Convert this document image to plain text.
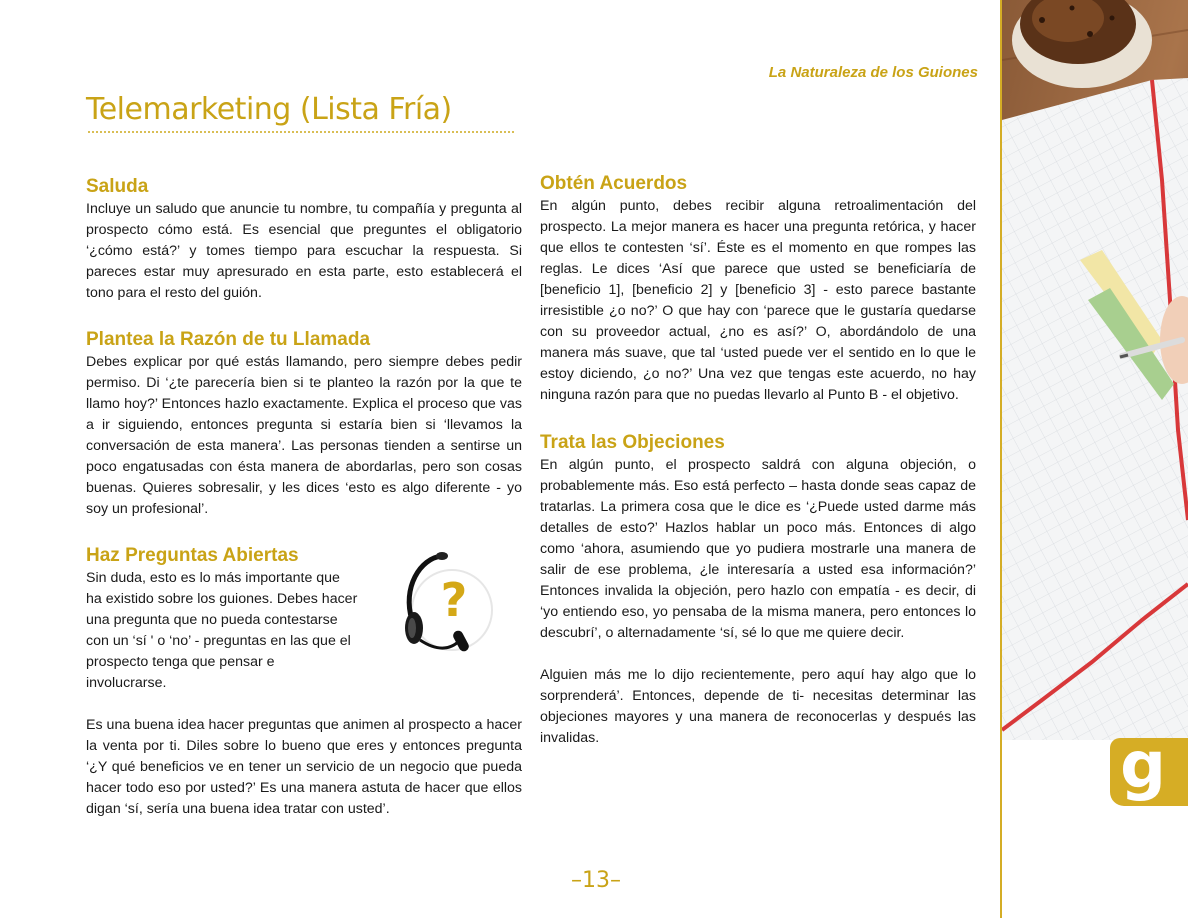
La Naturaleza de los Guiones
Telemarketing (Lista Fría)
Saluda

Incluye un saludo que anuncie tu nombre, tu compañía y pregunta al prospecto cómo está. Es esencial que preguntes el obligatorio ‘¿cómo está?’ y tomes tiempo para escuchar la respuesta. Si pareces estar muy apresurado en esta parte, esto establecerá el tono para el resto del guión.

Plantea la Razón de tu Llamada

Debes explicar por qué estás llamando, pero siempre debes pedir permiso. Di ‘¿te parecería bien si te planteo la razón por la que te llamo hoy?’ Entonces hazlo exactamente. Explica el proceso que vas a ir siguiendo, entonces pregunta si estaría bien si ‘llevamos la conversación de esta manera’. Las personas tienden a sentirse un poco engatusadas con ésta manera de abordarlas, pero son cosas buenas. Quieres sobresalir, y les dices ‘esto es algo diferente - yo soy un profesional’.

Haz Preguntas Abiertas

Sin duda, esto es lo más importante que ha existido sobre los guiones. Debes hacer una pregunta que no pueda contestarse con un ‘sí ' o ‘no’ - preguntas en las que el prospecto tenga que pensar e involucrarse.

Es una buena idea hacer preguntas que animen al prospecto a hacer la venta por ti. Diles sobre lo bueno que eres y entonces pregunta ‘¿Y qué beneficios ve en tener un servicio de un negocio que pueda hacer todo eso por usted?’ Es una manera astuta de hacer que ellos digan ‘sí, sería una buena idea tratar con usted’.

?
Obtén Acuerdos

En algún punto, debes recibir alguna retroalimentación del prospecto. La mejor manera es hacer una pregunta retórica, y hacer que ellos te contesten ‘sí’. Éste es el momento en que rompes las reglas. Le dices ‘Así que parece que usted se beneficiaría de [beneficio 1], [beneficio 2] y [beneficio 3] - esto parece bastante irresistible ¿o no?’ O que hay con ‘parece que le gustaría quedarse con su proveedor actual, ¿no es así?’ O, abordándolo de una manera más suave, que tal ‘usted puede ver el sentido en lo que le estoy diciendo, ¿o no?’ Una vez que tengas este acuerdo, no hay ninguna razón para que no puedas llevarlo al Punto B - el objetivo.

Trata las Objeciones

En algún punto, el prospecto saldrá con alguna objeción, o probablemente más. Eso está perfecto – hasta donde seas capaz de tratarlas. La primera cosa que le dice es ‘¿Puede usted darme más detalles de esto?’ Hazlos hablar un poco más. Entonces di algo como ‘ahora, asumiendo que yo pudiera mostrarle una manera de salir de ese problema, ¿le interesaría a usted esa información?’ Entonces invalida la objeción, pero hazlo con empatía - es decir, di ‘yo entiendo eso, yo pensaba de la misma manera, pero entonces lo descubrí’, o alternadamente ‘sí, sé lo que me quiere decir.

Alguien más me lo dijo recientemente, pero aquí hay algo que lo sorprenderá’. Entonces, depende de ti- necesitas determinar las objeciones mayores y una manera de reconocerlas y después las invalidas.

–13–
g
